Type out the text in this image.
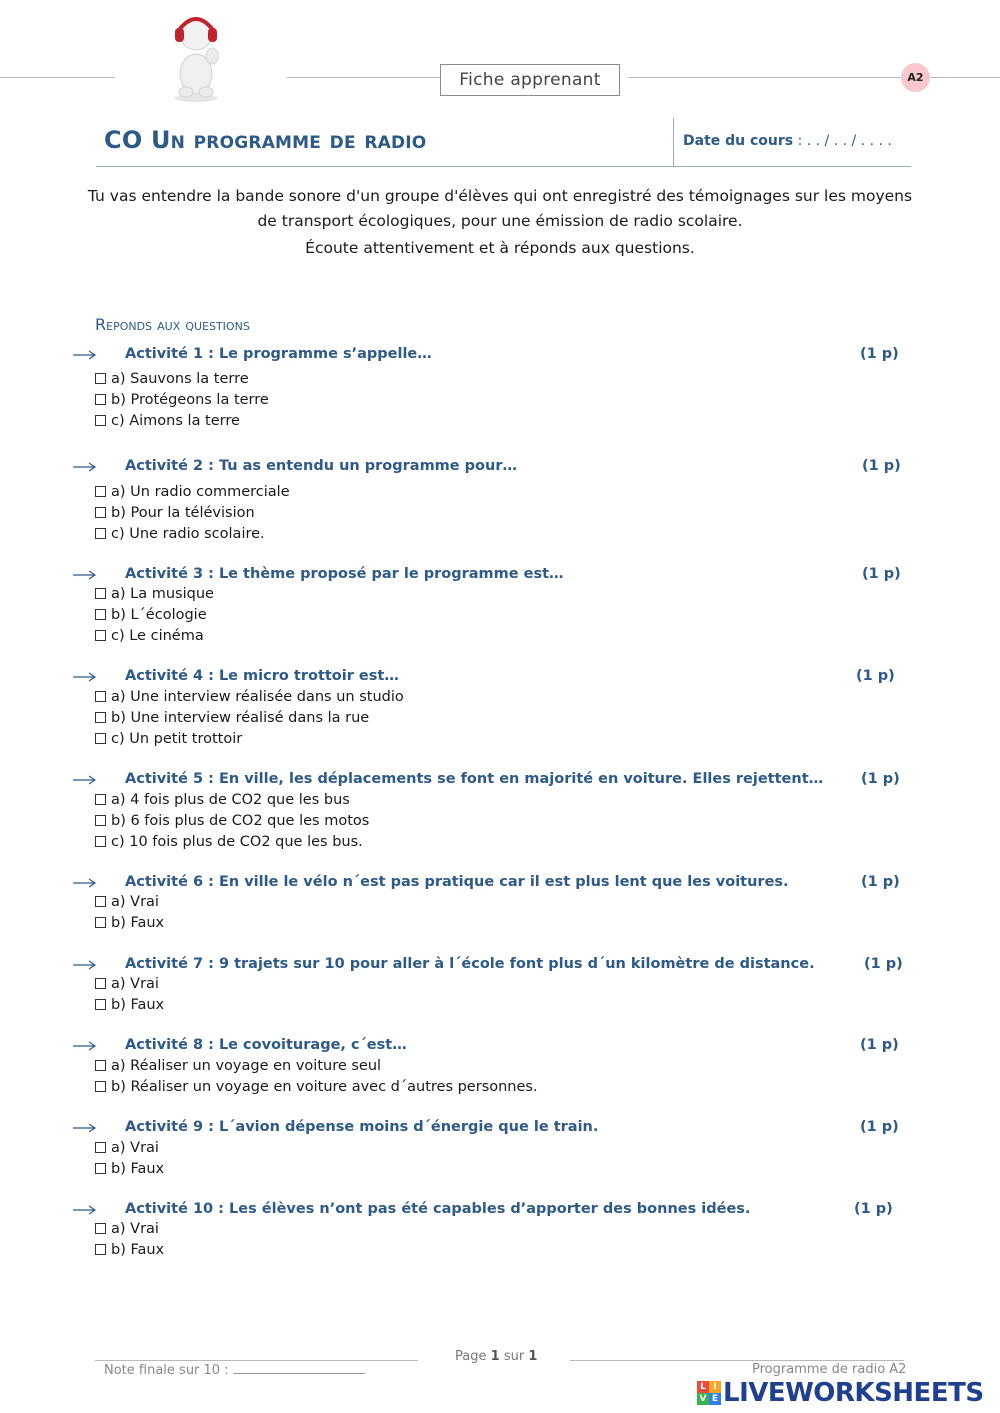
Fiche apprenant	A2
CO Un programme de radio	Date du cours : . . / . . / . . . .
Tu vas entendre la bande sonore d'un groupe d'élèves qui ont enregistré des témoignages sur les moyens
de transport écologiques, pour une émission de radio scolaire.
Écoute attentivement et à réponds aux questions.
Reponds aux questions
Activité 1 : Le programme s’appelle…	(1 p)
a) Sauvons la terre
b) Protégeons la terre
c) Aimons la terre
Activité 2 : Tu as entendu un programme pour…	(1 p)
a) Un radio commerciale
b) Pour la télévision
c) Une radio scolaire.
Activité 3 : Le thème proposé par le programme est…	(1 p)
a) La musique
b) L´écologie
c) Le cinéma
Activité 4 : Le micro trottoir est…	(1 p)
a) Une interview réalisée dans un studio
b) Une interview réalisé dans la rue
c) Un petit trottoir
Activité 5 : En ville, les déplacements se font en majorité en voiture. Elles rejettent…	(1 p)
a) 4 fois plus de CO2 que les bus
b) 6 fois plus de CO2 que les motos
c) 10 fois plus de CO2 que les bus.
Activité 6 : En ville le vélo n´est pas pratique car il est plus lent que les voitures.	(1 p)
a) Vrai
b) Faux
Activité 7 : 9 trajets sur 10 pour aller à l´école font plus d´un kilomètre de distance.	(1 p)
a) Vrai
b) Faux
Activité 8 : Le covoiturage, c´est…	(1 p)
a) Réaliser un voyage en voiture seul
b) Réaliser un voyage en voiture avec d´autres personnes.
Activité 9 : L´avion dépense moins d´énergie que le train.	(1 p)
a) Vrai
b) Faux
Activité 10 : Les élèves n’ont pas été capables d’apporter des bonnes idées.	(1 p)
a) Vrai
b) Faux
Page 1 sur 1
Note finale sur 10 :	Programme de radio A2
L I
V E LIVEWORKSHEETS
